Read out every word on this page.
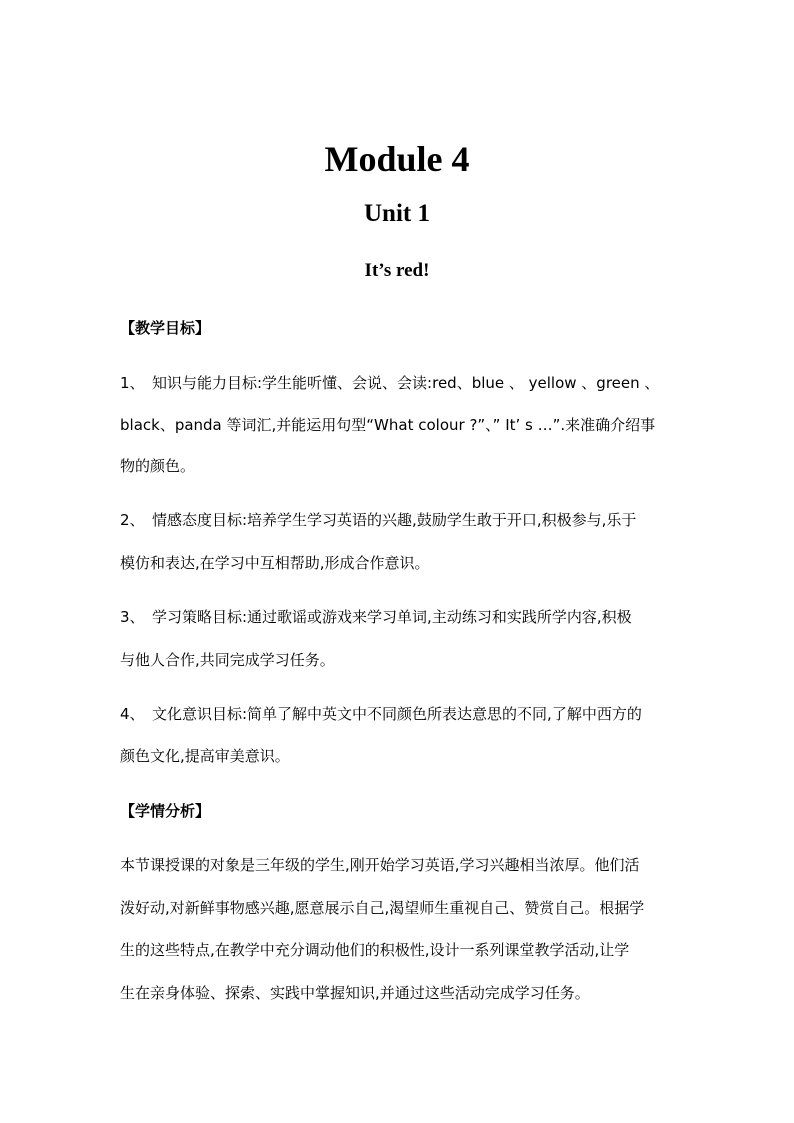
Module 4
Unit 1
It’s red!
【教学目标】
1、 知识与能力目标:学生能听懂、会说、会读:red、blue 、 yellow 、green 、
black、panda 等词汇,并能运用句型“What colour ?”、” It’ s …”.来准确介绍事
物的颜色。
2、 情感态度目标:培养学生学习英语的兴趣,鼓励学生敢于开口,积极参与,乐于
模仿和表达,在学习中互相帮助,形成合作意识。
3、 学习策略目标:通过歌谣或游戏来学习单词,主动练习和实践所学内容,积极
与他人合作,共同完成学习任务。
4、 文化意识目标:简单了解中英文中不同颜色所表达意思的不同,了解中西方的
颜色文化,提高审美意识。
【学情分析】
本节课授课的对象是三年级的学生,刚开始学习英语,学习兴趣相当浓厚。他们活
泼好动,对新鲜事物感兴趣,愿意展示自己,渴望师生重视自己、赞赏自己。根据学
生的这些特点,在教学中充分调动他们的积极性,设计一系列课堂教学活动,让学
生在亲身体验、探索、实践中掌握知识,并通过这些活动完成学习任务。
